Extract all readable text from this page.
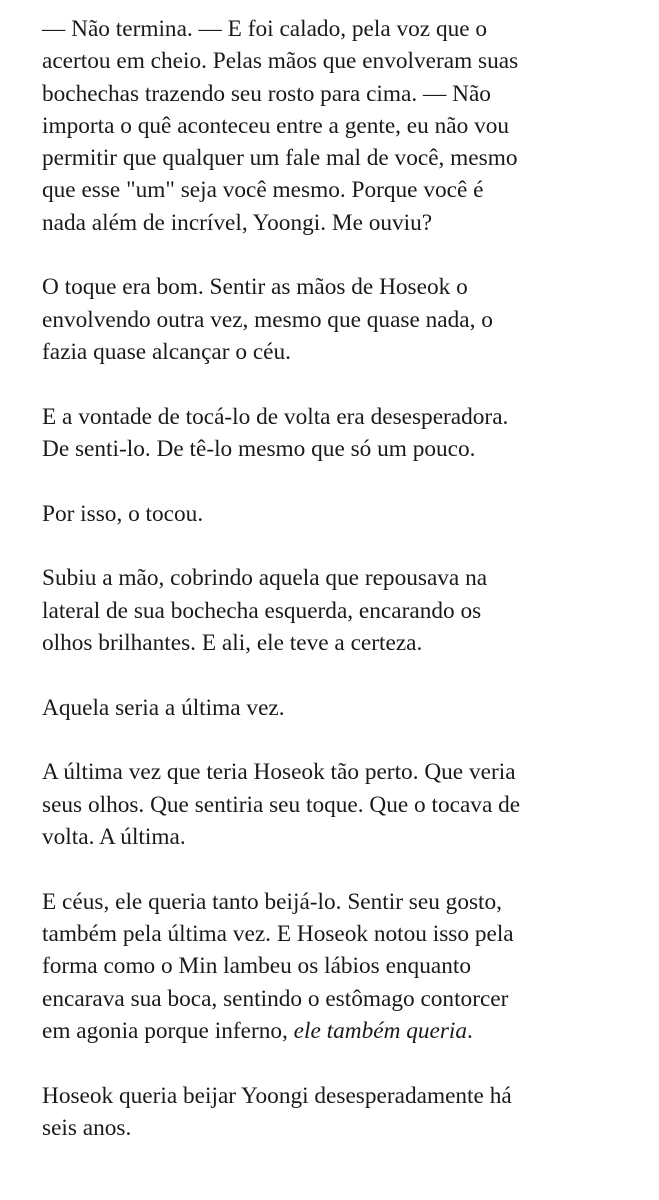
— Não termina. — E foi calado, pela voz que o
acertou em cheio. Pelas mãos que envolveram suas
bochechas trazendo seu rosto para cima. — Não
importa o quê aconteceu entre a gente, eu não vou
permitir que qualquer um fale mal de você, mesmo
que esse "um" seja você mesmo. Porque você é
nada além de incrível, Yoongi. Me ouviu?

O toque era bom. Sentir as mãos de Hoseok o
envolvendo outra vez, mesmo que quase nada, o
fazia quase alcançar o céu.

E a vontade de tocá-lo de volta era desesperadora.
De senti-lo. De tê-lo mesmo que só um pouco.

Por isso, o tocou.

Subiu a mão, cobrindo aquela que repousava na
lateral de sua bochecha esquerda, encarando os
olhos brilhantes. E ali, ele teve a certeza.

Aquela seria a última vez.

A última vez que teria Hoseok tão perto. Que veria
seus olhos. Que sentiria seu toque. Que o tocava de
volta. A última.

E céus, ele queria tanto beijá-lo. Sentir seu gosto,
também pela última vez. E Hoseok notou isso pela
forma como o Min lambeu os lábios enquanto
encarava sua boca, sentindo o estômago contorcer
em agonia porque inferno, ele também queria.

Hoseok queria beijar Yoongi desesperadamente há
seis anos.
